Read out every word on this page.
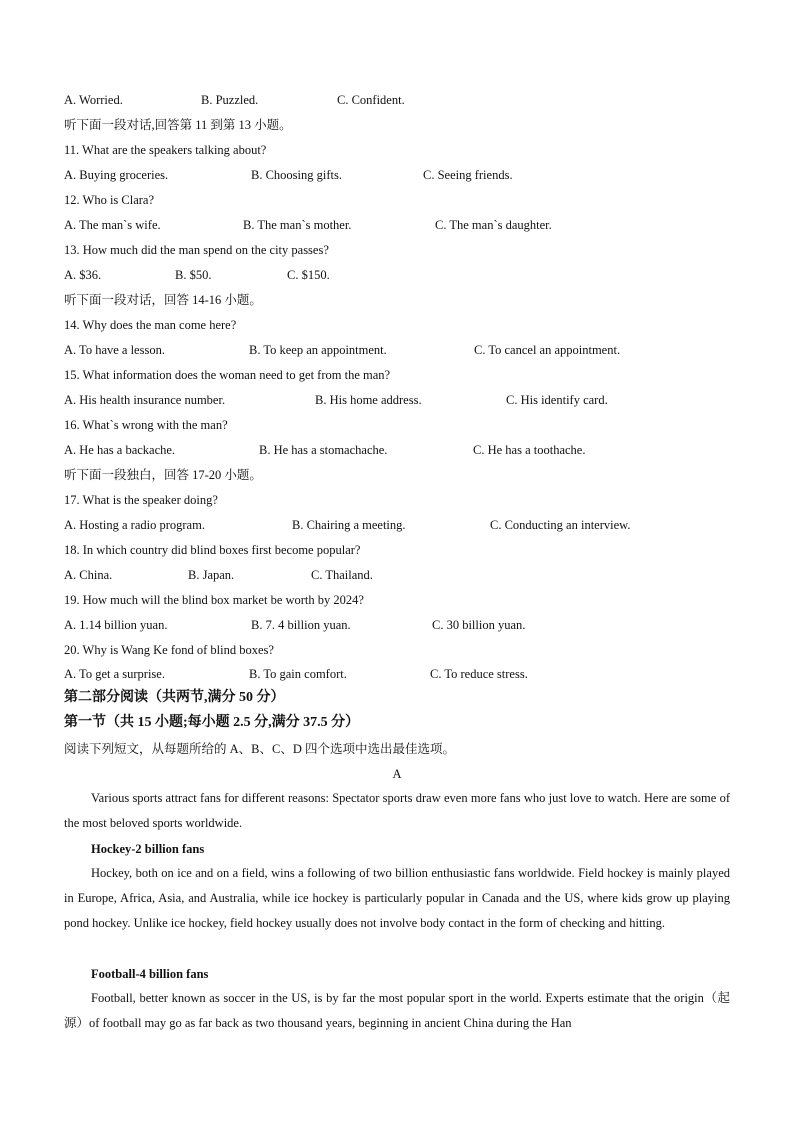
A. Worried.	B. Puzzled.	C. Confident.
听下面一段对话,回答第 11 到第 13 小题。
11. What are the speakers talking about?
A. Buying groceries.	B. Choosing gifts.	C. Seeing friends.
12. Who is Clara?
A. The man`s wife.	B. The man`s mother.	C. The man`s daughter.
13. How much did the man spend on the city passes?
A. $36.	B. $50.	C. $150.
听下面一段对话，回答 14-16 小题。
14. Why does the man come here?
A. To have a lesson.	B. To keep an appointment.	C. To cancel an appointment.
15. What information does the woman need to get from the man?
A. His health insurance number.	B. His home address.	C. His identify card.
16. What`s wrong with the man?
A. He has a backache.	B. He has a stomachache.	C. He has a toothache.
听下面一段独白，回答 17-20 小题。
17. What is the speaker doing?
A. Hosting a radio program.	B. Chairing a meeting.	C. Conducting an interview.
18. In which country did blind boxes first become popular?
A. China.	B. Japan.	C. Thailand.
19. How much will the blind box market be worth by 2024?
A. 1.14 billion yuan.	B. 7. 4 billion yuan.	C. 30 billion yuan.
20. Why is Wang Ke fond of blind boxes?
A. To get a surprise.	B. To gain comfort.	C. To reduce stress.
第二部分阅读（共两节,满分 50 分）
第一节（共 15 小题;每小题 2.5 分,满分 37.5 分）
阅读下列短文，从每题所给的 A、B、C、D 四个选项中选出最佳选项。
A
Various sports attract fans for different reasons: Spectator sports draw even more fans who just love to watch. Here are some of the most beloved sports worldwide.
Hockey-2 billion fans
Hockey, both on ice and on a field, wins a following of two billion enthusiastic fans worldwide. Field hockey is mainly played in Europe, Africa, Asia, and Australia, while ice hockey is particularly popular in Canada and the US, where kids grow up playing pond hockey. Unlike ice hockey, field hockey usually does not involve body contact in the form of checking and hitting.
Football-4 billion fans
Football, better known as soccer in the US, is by far the most popular sport in the world. Experts estimate that the origin（起源）of football may go as far back as two thousand years, beginning in ancient China during the Han
